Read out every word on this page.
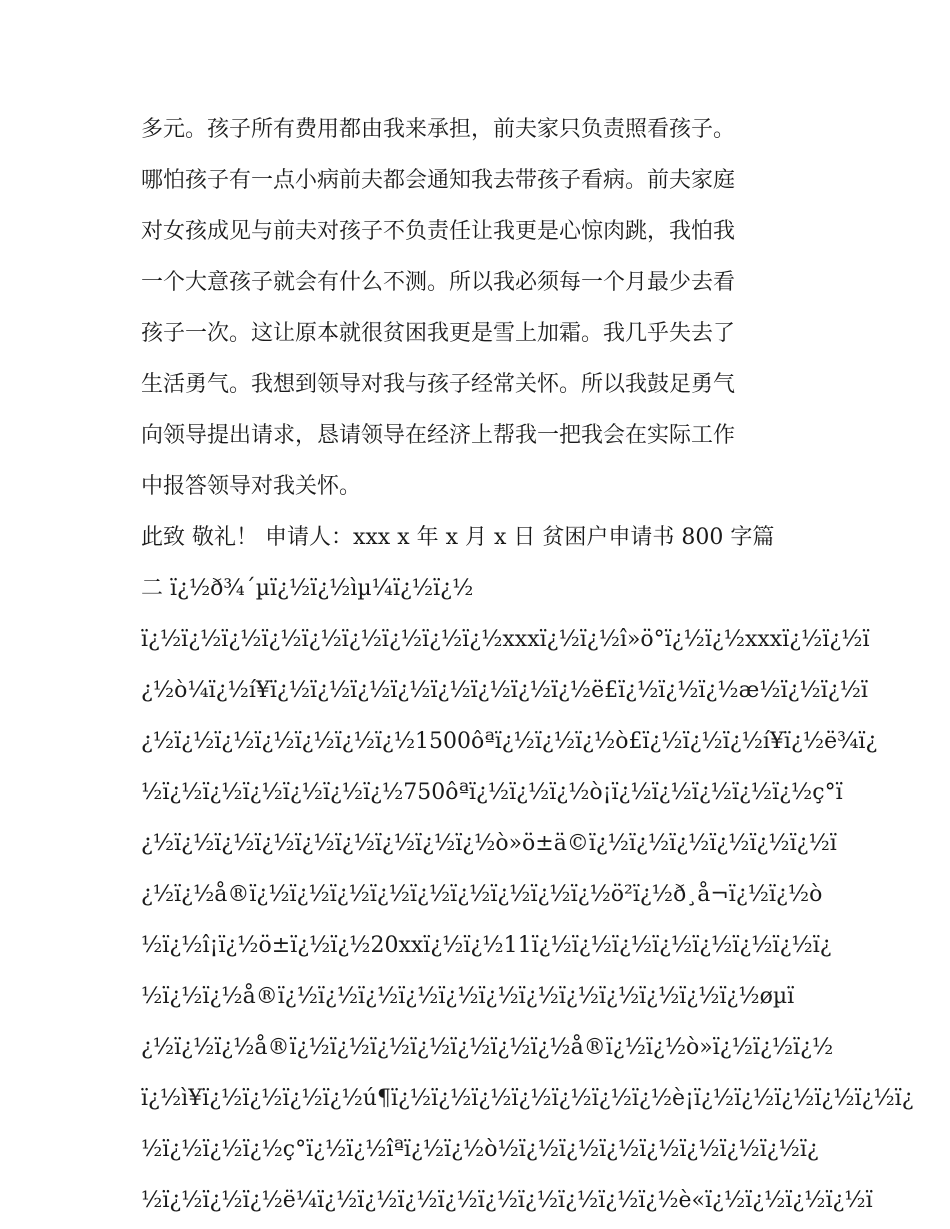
多元。孩子所有费用都由我来承担，前夫家只负责照看孩子。
哪怕孩子有一点小病前夫都会通知我去带孩子看病。前夫家庭
对女孩成见与前夫对孩子不负责任让我更是心惊肉跳，我怕我
一个大意孩子就会有什么不测。所以我必须每一个月最少去看
孩子一次。这让原本就很贫困我更是雪上加霜。我几乎失去了
生活勇气。我想到领导对我与孩子经常关怀。所以我鼓足勇气
向领导提出请求，恳请领导在经济上帮我一把我会在实际工作
中报答领导对我关怀。
此致 敬礼！ 申请人：xxx x 年 x 月 x 日 贫困户申请书 800 字篇
二 ï¿½ð¾´µï¿½ï¿½ìµ¼ï¿½ï¿½
ï¿½ï¿½ï¿½ï¿½ï¿½ï¿½ï¿½ï¿½ï¿½xxxï¿½ï¿½î»ö°ï¿½ï¿½xxxï¿½ï¿½ï
¿½ò¼ï¿½í¥ï¿½ï¿½ï¿½ï¿½ï¿½ï¿½ï¿½ï¿½ë£ï¿½ï¿½ï¿½æ½ï¿½ï¿½ï
¿½ï¿½ï¿½ï¿½ï¿½ï¿½ï¿½1500ôªï¿½ï¿½ï¿½ò£ï¿½ï¿½ï¿½í¥ï¿½ë¾ï¿
½ï¿½ï¿½ï¿½ï¿½ï¿½ï¿½750ôªï¿½ï¿½ï¿½ò¡ï¿½ï¿½ï¿½ï¿½ï¿½ç°ï
¿½ï¿½ï¿½ï¿½ï¿½ï¿½ï¿½ï¿½ï¿½ò»ö±ä©ï¿½ï¿½ï¿½ï¿½ï¿½ï¿½ï
¿½ï¿½å®ï¿½ï¿½ï¿½ï¿½ï¿½ï¿½ï¿½ï¿½ï¿½ö²ï¿½ð¸å¬ï¿½ï¿½ò
½ï¿½î¡ï¿½ö±ï¿½ï¿½20xxï¿½ï¿½11ï¿½ï¿½ï¿½ï¿½ï¿½ï¿½ï¿½ï¿
½ï¿½ï¿½å®ï¿½ï¿½ï¿½ï¿½ï¿½ï¿½ï¿½ï¿½ï¿½ï¿½ï¿½ï¿½øµï
¿½ï¿½ï¿½å®ï¿½ï¿½ï¿½ï¿½ï¿½ï¿½ï¿½å®ï¿½ï¿½ò»ï¿½ï¿½ï¿½
ï¿½ì¥ï¿½ï¿½ï¿½ï¿½ú¶ï¿½ï¿½ï¿½ï¿½ï¿½ï¿½ï¿½è¡ï¿½ï¿½ï¿½ï¿½ï¿½ï¿
½ï¿½ï¿½ï¿½ç°ï¿½ï¿½îªï¿½ï¿½ò½ï¿½ï¿½ï¿½ï¿½ï¿½ï¿½ï¿½ï¿
½ï¿½ï¿½ï¿½ë¼ï¿½ï¿½ï¿½ï¿½ï¿½ï¿½ï¿½ï¿½ï¿½è«ï¿½ï¿½ï¿½ï¿½ï
